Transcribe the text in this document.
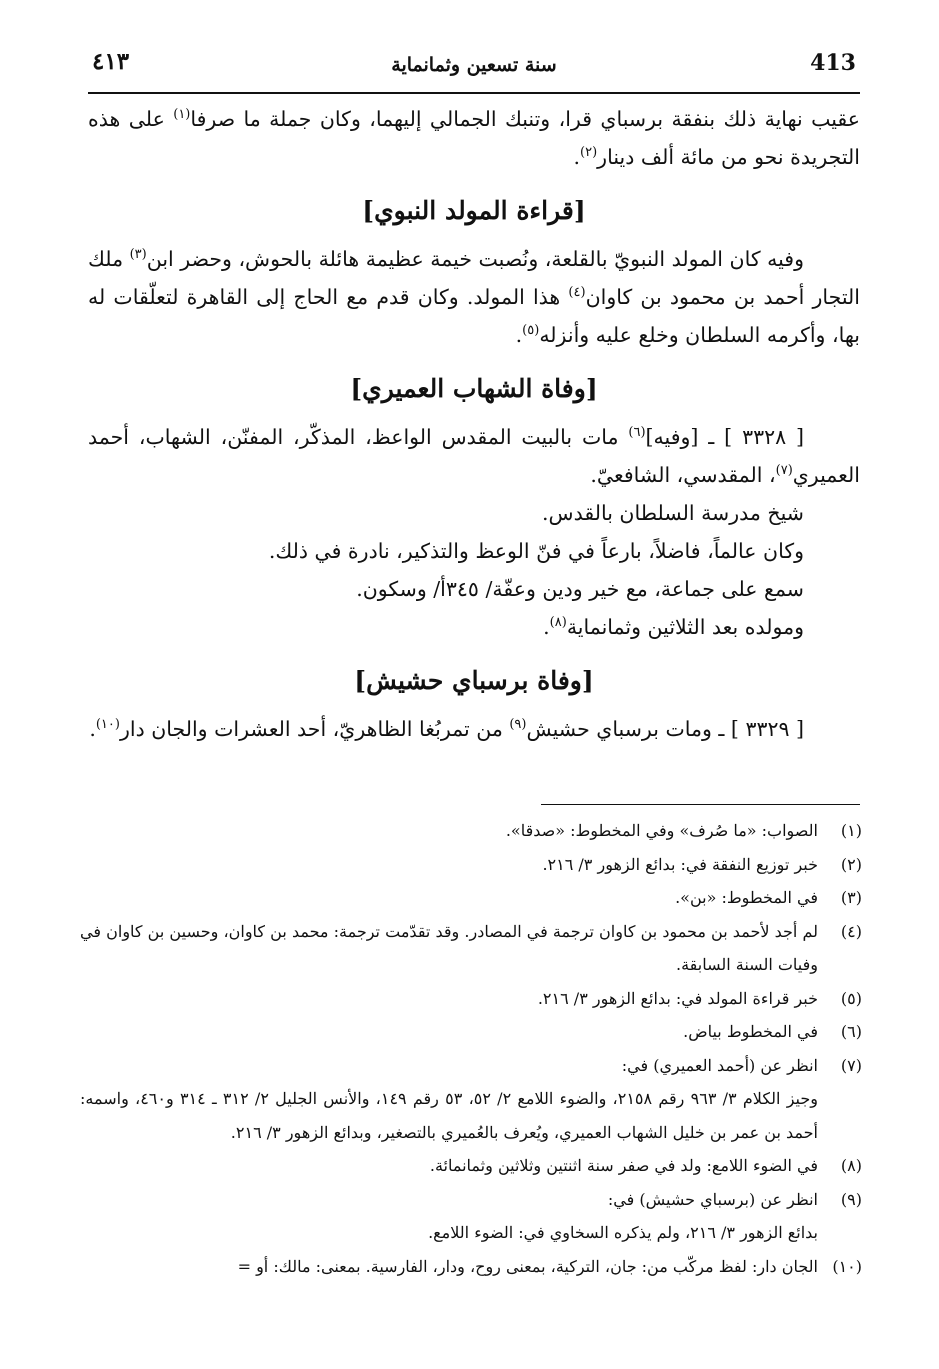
413
سنة تسعين وثمانماية
٤١٣

عقيب نهاية ذلك بنفقة برسباي قرا، وتنبك الجمالي إليهما، وكان جملة ما صرفا$^{(١)}$ على هذه التجريدة نحو من مائة ألف دينار$^{(٢)}$.

[قراءة المولد النبوي]

وفيه كان المولد النبويّ بالقلعة، ونُصبت خيمة عظيمة هائلة بالحوش، وحضر ابن$^{(٣)}$ ملك التجار أحمد بن محمود بن كاوان$^{(٤)}$ هذا المولد. وكان قدم مع الحاج إلى القاهرة لتعلّقات له بها، وأكرمه السلطان وخلع عليه وأنزله$^{(٥)}$.

[وفاة الشهاب العميري]

[ ٣٣٢٨ ] ـ [وفيه]$^{(٦)}$ مات بالبيت المقدس الواعظ، المذكّر، المفنّن، الشهاب، أحمد العميري$^{(٧)}$، المقدسي، الشافعيّ.

شيخ مدرسة السلطان بالقدس.

وكان عالماً، فاضلاً، بارعاً في فنّ الوعظ والتذكير، نادرة في ذلك.

سمع على جماعة، مع خير ودين وعفّة/ ٣٤٥أ/ وسكون.

ومولده بعد الثلاثين وثمانماية$^{(٨)}$.

[وفاة برسباي حشيش]

[ ٣٣٢٩ ] ـ ومات برسباي حشيش$^{(٩)}$ من تمربُغا الظاهريّ، أحد العشرات والجان دار$^{(١٠)}$.

(١)
الصواب: «ما صُرف» وفي المخطوط: «صدقا».
(٢)
خبر توزيع النفقة في: بدائع الزهور ٣/ ٢١٦.
(٣)
في المخطوط: «بن».
(٤)
لم أجد لأحمد بن محمود بن كاوان ترجمة في المصادر. وقد تقدّمت ترجمة: محمد بن كاوان، وحسين بن كاوان في وفيات السنة السابقة.
(٥)
خبر قراءة المولد في: بدائع الزهور ٣/ ٢١٦.
(٦)
في المخطوط بياض.
(٧)
انظر عن (أحمد العميري) في:
وجيز الكلام ٣/ ٩٦٣ رقم ٢١٥٨، والضوء اللامع ٢/ ٥٢، ٥٣ رقم ١٤٩، والأنس الجليل ٢/ ٣١٢ ـ ٣١٤ و٤٦٠، واسمه: أحمد بن عمر بن خليل الشهاب العميري، ويُعرف بالعُميري بالتصغير، وبدائع الزهور ٣/ ٢١٦.
(٨)
في الضوء اللامع: ولد في صفر سنة اثنتين وثلاثين وثمانمائة.
(٩)
انظر عن (برسباي حشيش) في:
بدائع الزهور ٣/ ٢١٦، ولم يذكره السخاوي في: الضوء اللامع.
(١٠)
الجان دار: لفظ مركّب من: جان، التركية، بمعنى روح، ودار، الفارسية. بمعنى: مالك: أو =
